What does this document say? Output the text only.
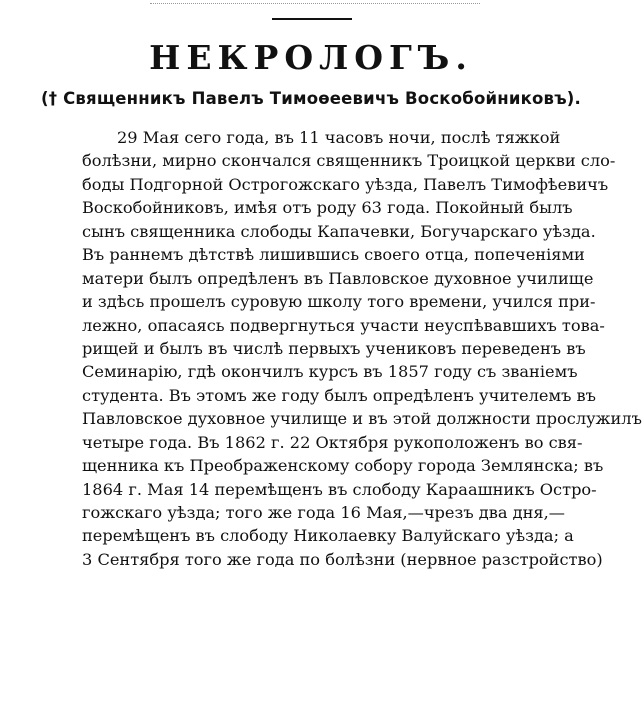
НЕКРОЛОГЪ.
(† Священникъ Павелъ Тимоѳеевичъ Воскобойниковъ).
29 Мая сего года, въ 11 часовъ ночи, послѣ тяжкой
болѣзни, мирно скончался священникъ Троицкой церкви сло-
боды Подгорной Острогожскаго уѣзда, Павелъ Тимофѣевичъ
Воскобойниковъ, имѣя отъ роду 63 года. Покойный былъ
сынъ священника слободы Капачевки, Богучарскаго уѣзда.
Въ раннемъ дѣтствѣ лишившись своего отца, попеченіями
матери былъ опредѣленъ въ Павловское духовное училище
и здѣсь прошелъ суровую школу того времени, учился при-
лежно, опасаясь подвергнуться участи неуспѣвавшихъ това-
рищей и былъ въ числѣ первыхъ учениковъ переведенъ въ
Семинарію, гдѣ окончилъ курсъ въ 1857 году съ званіемъ
студента. Въ этомъ же году былъ опредѣленъ учителемъ въ
Павловское духовное училище и въ этой должности прослужилъ
четыре года. Въ 1862 г. 22 Октября рукоположенъ во свя-
щенника къ Преображенскому собору города Землянска; въ
1864 г. Мая 14 перемѣщенъ въ слободу Караашникъ Остро-
гожскаго уѣзда; того же года 16 Мая,—чрезъ два дня,—
перемѣщенъ въ слободу Николаевку Валуйскаго уѣзда; а
3 Сентября того же года по болѣзни (нервное разстройство)
